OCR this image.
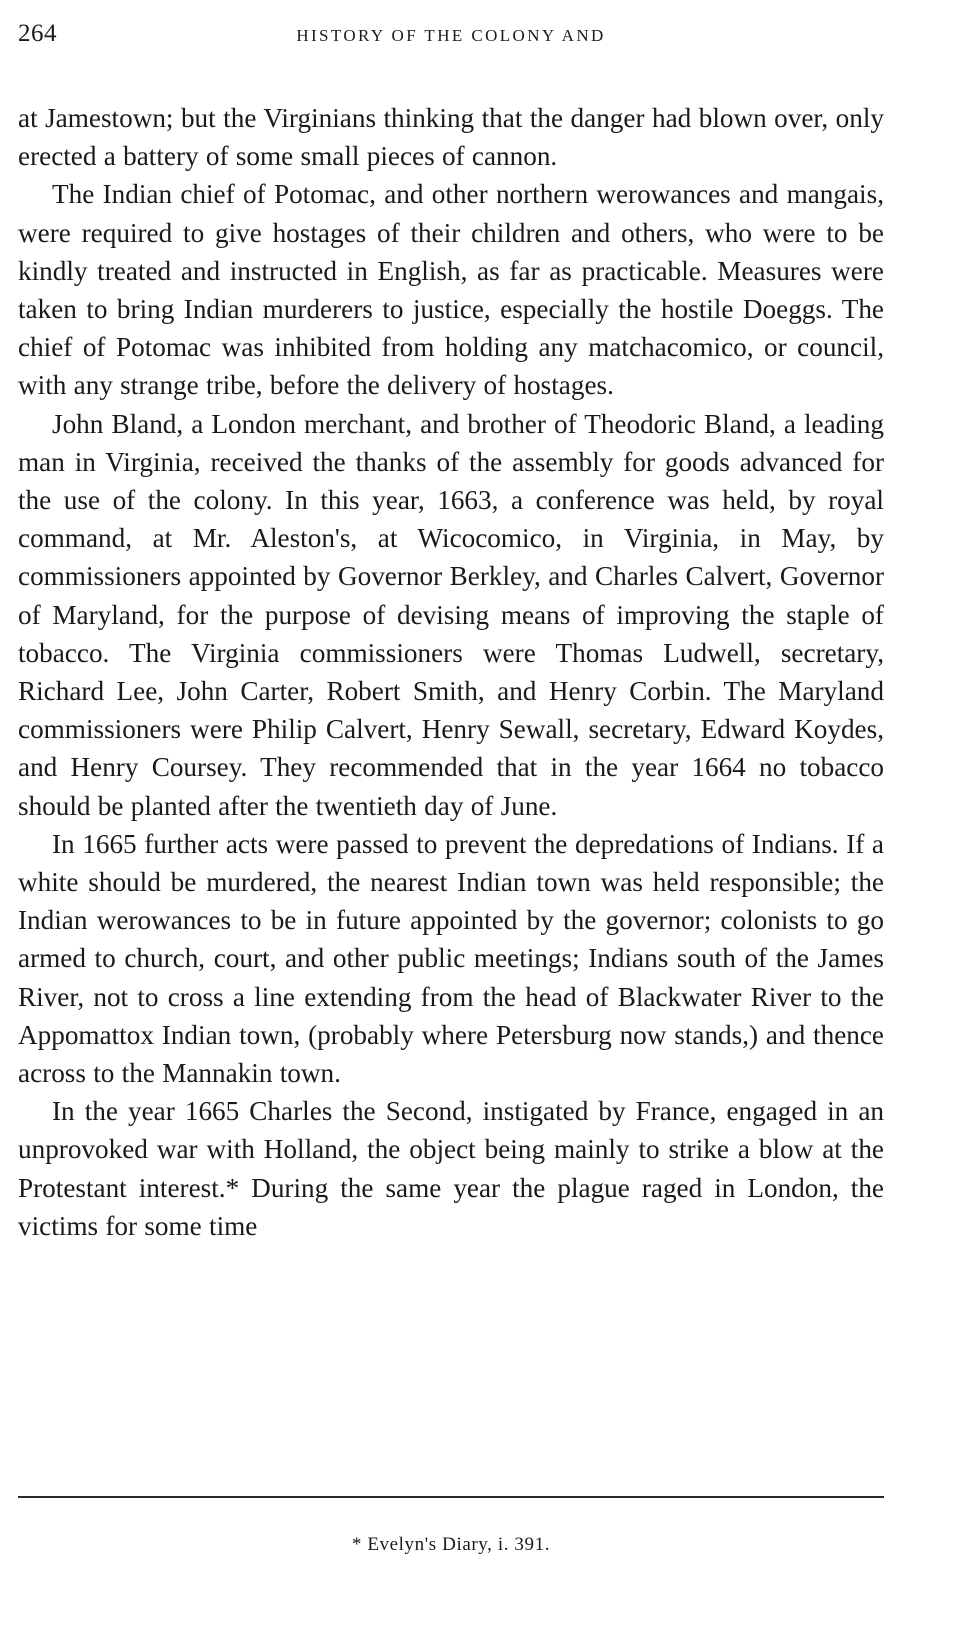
264	HISTORY OF THE COLONY AND

at Jamestown; but the Virginians thinking that the danger had blown over, only erected a battery of some small pieces of cannon.

The Indian chief of Potomac, and other northern werowances and mangais, were required to give hostages of their children and others, who were to be kindly treated and instructed in English, as far as practicable. Measures were taken to bring Indian murderers to justice, especially the hostile Doeggs. The chief of Potomac was inhibited from holding any matchacomico, or council, with any strange tribe, before the delivery of hostages.

John Bland, a London merchant, and brother of Theodoric Bland, a leading man in Virginia, received the thanks of the assembly for goods advanced for the use of the colony. In this year, 1663, a conference was held, by royal command, at Mr. Aleston's, at Wicocomico, in Virginia, in May, by commissioners appointed by Governor Berkley, and Charles Calvert, Governor of Maryland, for the purpose of devising means of improving the staple of tobacco. The Virginia commissioners were Thomas Ludwell, secretary, Richard Lee, John Carter, Robert Smith, and Henry Corbin. The Maryland commissioners were Philip Calvert, Henry Sewall, secretary, Edward Koydes, and Henry Coursey. They recommended that in the year 1664 no tobacco should be planted after the twentieth day of June.

In 1665 further acts were passed to prevent the depredations of Indians. If a white should be murdered, the nearest Indian town was held responsible; the Indian werowances to be in future appointed by the governor; colonists to go armed to church, court, and other public meetings; Indians south of the James River, not to cross a line extending from the head of Blackwater River to the Appomattox Indian town, (probably where Petersburg now stands,) and thence across to the Mannakin town.

In the year 1665 Charles the Second, instigated by France, engaged in an unprovoked war with Holland, the object being mainly to strike a blow at the Protestant interest.* During the same year the plague raged in London, the victims for some time

* Evelyn's Diary, i. 391.
